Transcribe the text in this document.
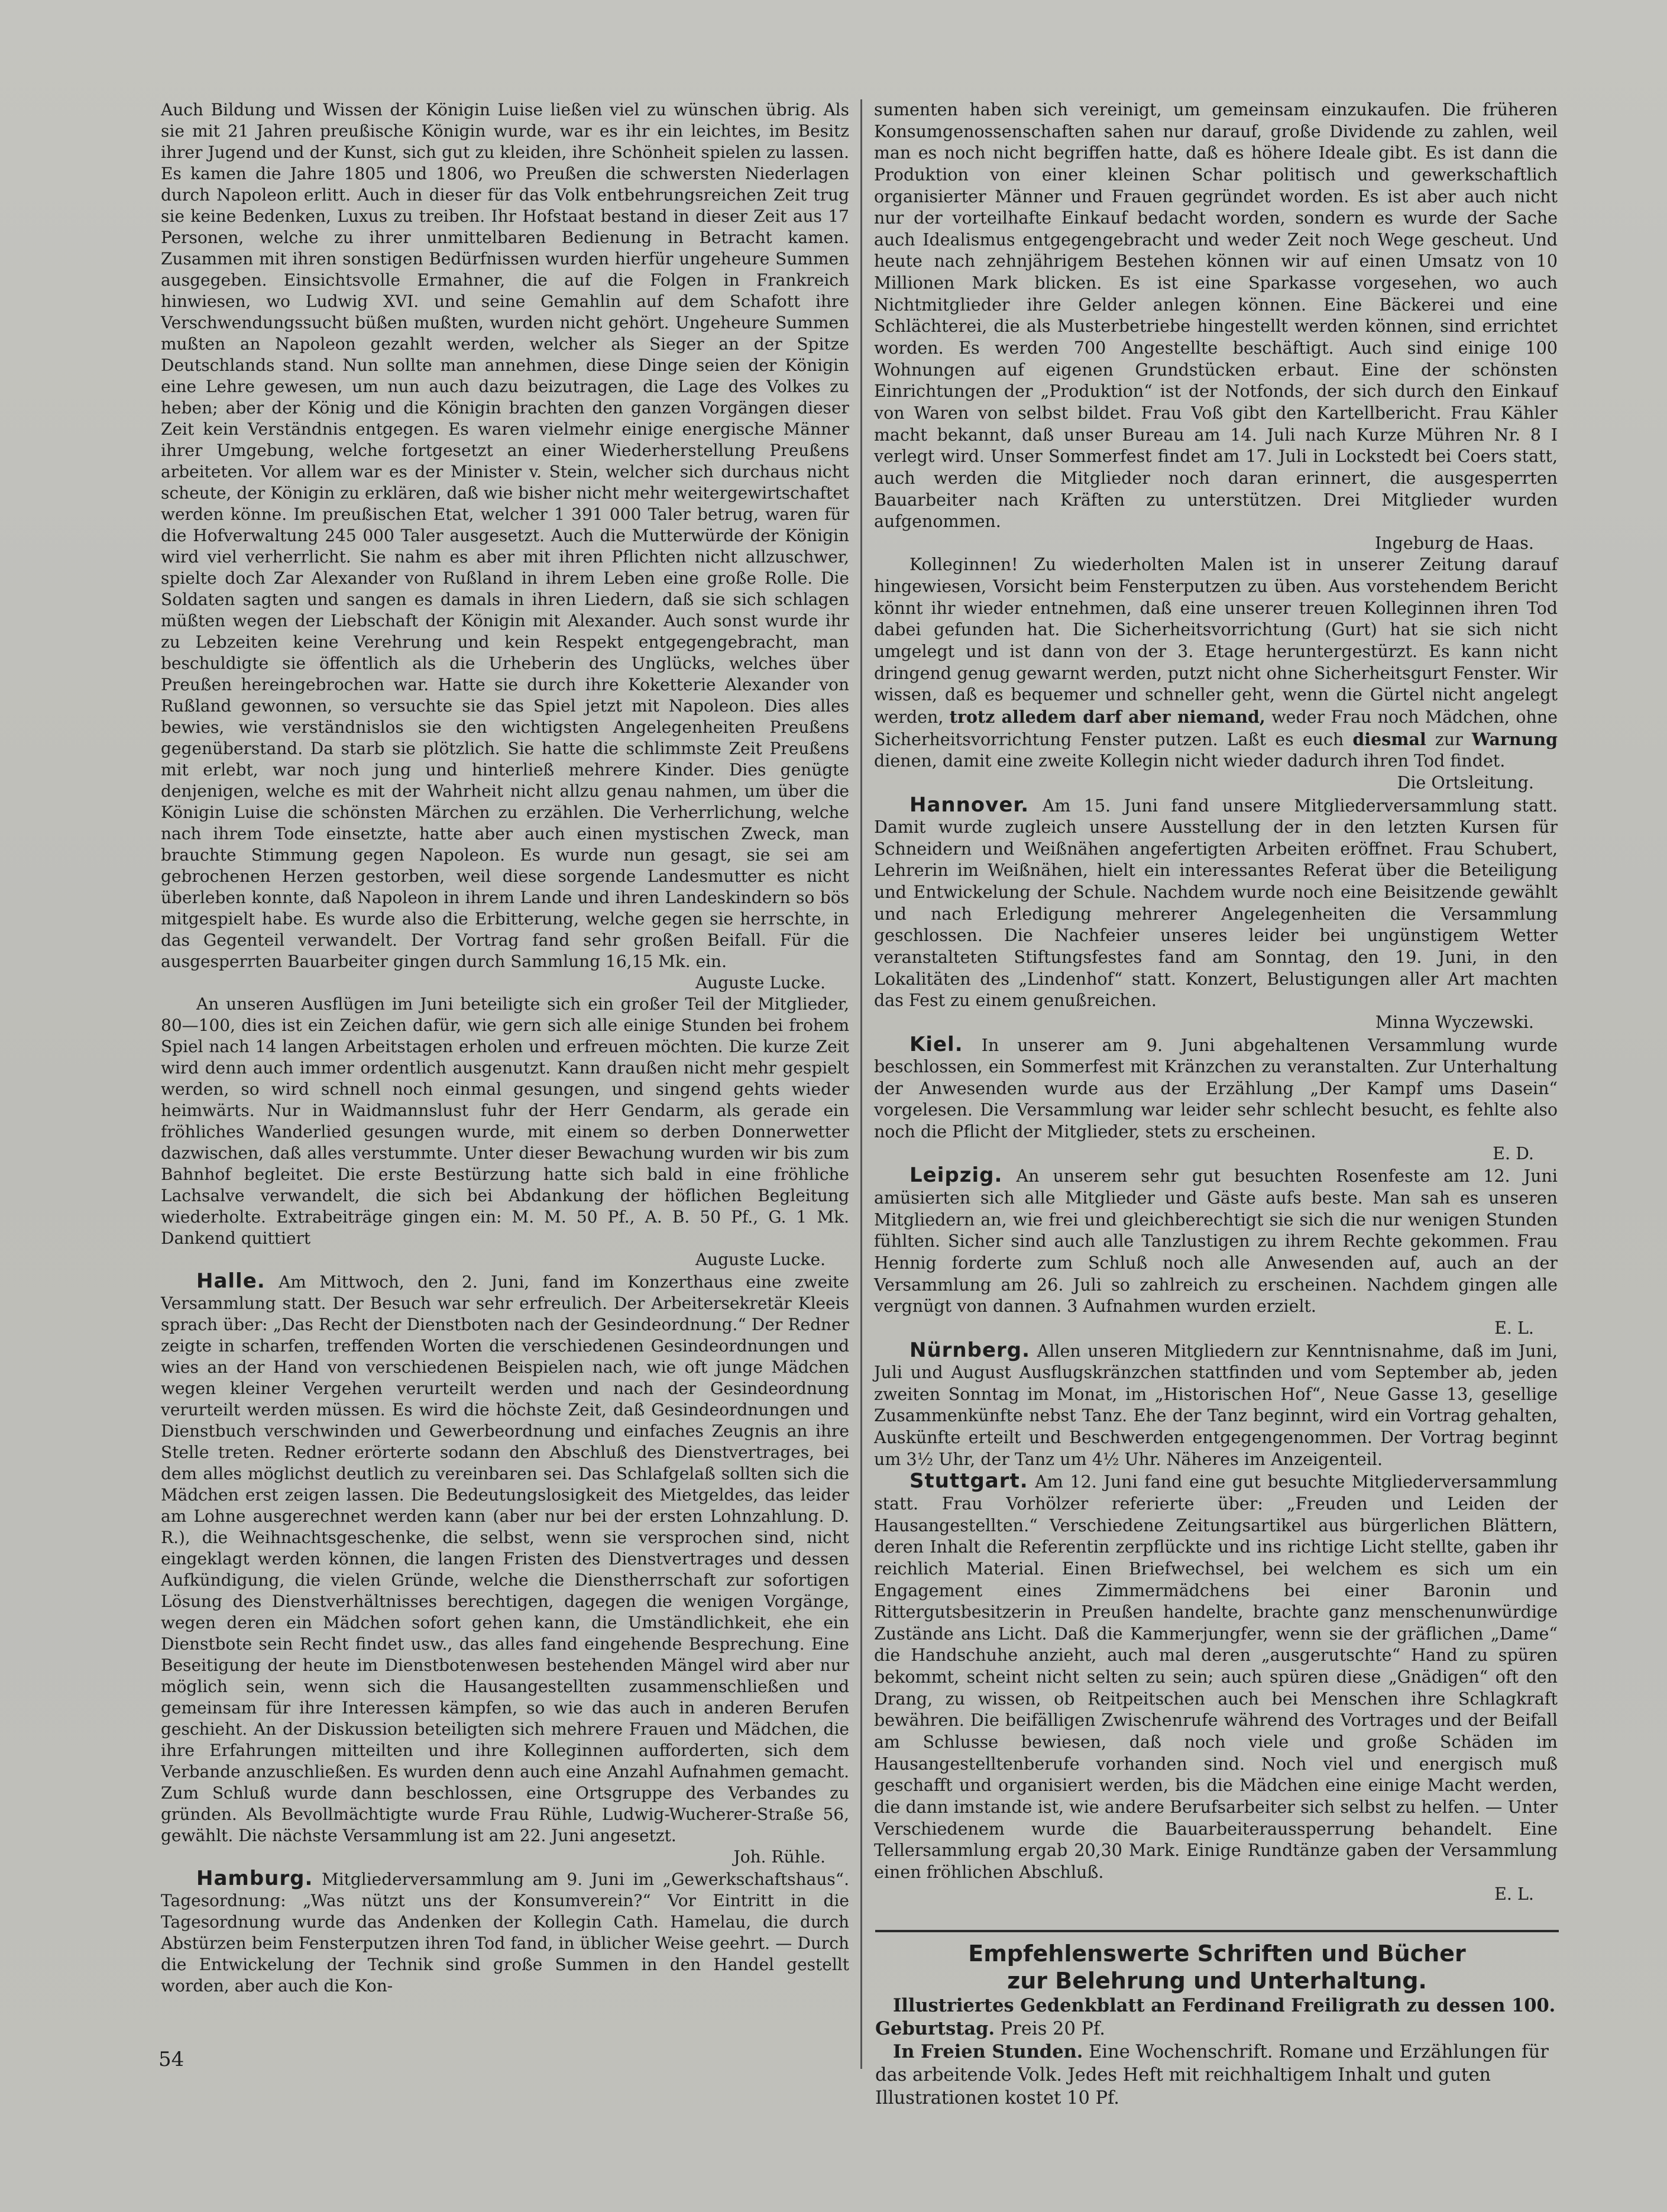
Auch Bildung und Wissen der Königin Luise ließen viel zu wünschen übrig. Als sie mit 21 Jahren preußische Königin wurde, war es ihr ein leichtes, im Besitz ihrer Jugend und der Kunst, sich gut zu kleiden, ihre Schönheit spielen zu lassen. Es kamen die Jahre 1805 und 1806, wo Preußen die schwersten Niederlagen durch Napoleon erlitt. Auch in dieser für das Volk entbehrungsreichen Zeit trug sie keine Bedenken, Luxus zu treiben. Ihr Hofstaat bestand in dieser Zeit aus 17 Personen, welche zu ihrer unmittelbaren Bedienung in Betracht kamen. Zusammen mit ihren sonstigen Bedürfnissen wurden hierfür ungeheure Summen ausgegeben. Einsichtsvolle Ermahner, die auf die Folgen in Frankreich hinwiesen, wo Ludwig XVI. und seine Gemahlin auf dem Schafott ihre Verschwendungssucht büßen mußten, wurden nicht gehört. Ungeheure Summen mußten an Napoleon gezahlt werden, welcher als Sieger an der Spitze Deutschlands stand. Nun sollte man annehmen, diese Dinge seien der Königin eine Lehre gewesen, um nun auch dazu beizutragen, die Lage des Volkes zu heben; aber der König und die Königin brachten den ganzen Vorgängen dieser Zeit kein Verständnis entgegen. Es waren vielmehr einige energische Männer ihrer Umgebung, welche fortgesetzt an einer Wiederherstellung Preußens arbeiteten. Vor allem war es der Minister v. Stein, welcher sich durchaus nicht scheute, der Königin zu erklären, daß wie bisher nicht mehr weitergewirtschaftet werden könne. Im preußischen Etat, welcher 1 391 000 Taler betrug, waren für die Hofverwaltung 245 000 Taler ausgesetzt. Auch die Mutterwürde der Königin wird viel verherrlicht. Sie nahm es aber mit ihren Pflichten nicht allzuschwer, spielte doch Zar Alexander von Rußland in ihrem Leben eine große Rolle. Die Soldaten sagten und sangen es damals in ihren Liedern, daß sie sich schlagen müßten wegen der Liebschaft der Königin mit Alexander. Auch sonst wurde ihr zu Lebzeiten keine Verehrung und kein Respekt entgegengebracht, man beschuldigte sie öffentlich als die Urheberin des Unglücks, welches über Preußen hereingebrochen war. Hatte sie durch ihre Koketterie Alexander von Rußland gewonnen, so versuchte sie das Spiel jetzt mit Napoleon. Dies alles bewies, wie verständnislos sie den wichtigsten Angelegenheiten Preußens gegenüberstand. Da starb sie plötzlich. Sie hatte die schlimmste Zeit Preußens mit erlebt, war noch jung und hinterließ mehrere Kinder. Dies genügte denjenigen, welche es mit der Wahrheit nicht allzu genau nahmen, um über die Königin Luise die schönsten Märchen zu erzählen. Die Verherrlichung, welche nach ihrem Tode einsetzte, hatte aber auch einen mystischen Zweck, man brauchte Stimmung gegen Napoleon. Es wurde nun gesagt, sie sei am gebrochenen Herzen gestorben, weil diese sorgende Landesmutter es nicht überleben konnte, daß Napoleon in ihrem Lande und ihren Landeskindern so bös mitgespielt habe. Es wurde also die Erbitterung, welche gegen sie herrschte, in das Gegenteil verwandelt. Der Vortrag fand sehr großen Beifall. Für die ausgesperrten Bauarbeiter gingen durch Sammlung 16,15 Mk. ein.

Auguste Lucke.

An unseren Ausflügen im Juni beteiligte sich ein großer Teil der Mitglieder, 80—100, dies ist ein Zeichen dafür, wie gern sich alle einige Stunden bei frohem Spiel nach 14 langen Arbeitstagen erholen und erfreuen möchten. Die kurze Zeit wird denn auch immer ordentlich ausgenutzt. Kann draußen nicht mehr gespielt werden, so wird schnell noch einmal gesungen, und singend gehts wieder heimwärts. Nur in Waidmannslust fuhr der Herr Gendarm, als gerade ein fröhliches Wanderlied gesungen wurde, mit einem so derben Donnerwetter dazwischen, daß alles verstummte. Unter dieser Bewachung wurden wir bis zum Bahnhof begleitet. Die erste Bestürzung hatte sich bald in eine fröhliche Lachsalve verwandelt, die sich bei Abdankung der höflichen Begleitung wiederholte. Extrabeiträge gingen ein: M. M. 50 Pf., A. B. 50 Pf., G. 1 Mk. Dankend quittiert

Auguste Lucke.

Halle. Am Mittwoch, den 2. Juni, fand im Konzerthaus eine zweite Versammlung statt. Der Besuch war sehr erfreulich. Der Arbeitersekretär Kleeis sprach über: „Das Recht der Dienstboten nach der Gesindeordnung.“ Der Redner zeigte in scharfen, treffenden Worten die verschiedenen Gesindeordnungen und wies an der Hand von verschiedenen Beispielen nach, wie oft junge Mädchen wegen kleiner Vergehen verurteilt werden und nach der Gesindeordnung verurteilt werden müssen. Es wird die höchste Zeit, daß Gesindeordnungen und Dienstbuch verschwinden und Gewerbeordnung und einfaches Zeugnis an ihre Stelle treten. Redner erörterte sodann den Abschluß des Dienstvertrages, bei dem alles möglichst deutlich zu vereinbaren sei. Das Schlafgelaß sollten sich die Mädchen erst zeigen lassen. Die Bedeutungslosigkeit des Mietgeldes, das leider am Lohne ausgerechnet werden kann (aber nur bei der ersten Lohnzahlung. D. R.), die Weihnachtsgeschenke, die selbst, wenn sie versprochen sind, nicht eingeklagt werden können, die langen Fristen des Dienstvertrages und dessen Aufkündigung, die vielen Gründe, welche die Dienstherrschaft zur sofortigen Lösung des Dienstverhältnisses berechtigen, dagegen die wenigen Vorgänge, wegen deren ein Mädchen sofort gehen kann, die Umständlichkeit, ehe ein Dienstbote sein Recht findet usw., das alles fand eingehende Besprechung. Eine Beseitigung der heute im Dienstbotenwesen bestehenden Mängel wird aber nur möglich sein, wenn sich die Hausangestellten zusammenschließen und gemeinsam für ihre Interessen kämpfen, so wie das auch in anderen Berufen geschieht. An der Diskussion beteiligten sich mehrere Frauen und Mädchen, die ihre Erfahrungen mitteilten und ihre Kolleginnen aufforderten, sich dem Verbande anzuschließen. Es wurden denn auch eine Anzahl Aufnahmen gemacht. Zum Schluß wurde dann beschlossen, eine Ortsgruppe des Verbandes zu gründen. Als Bevollmächtigte wurde Frau Rühle, Ludwig-Wucherer-Straße 56, gewählt. Die nächste Versammlung ist am 22. Juni angesetzt.

Joh. Rühle.

Hamburg. Mitgliederversammlung am 9. Juni im „Gewerkschaftshaus“. Tagesordnung: „Was nützt uns der Konsumverein?“ Vor Eintritt in die Tagesordnung wurde das Andenken der Kollegin Cath. Hamelau, die durch Abstürzen beim Fensterputzen ihren Tod fand, in üblicher Weise geehrt. — Durch die Entwickelung der Technik sind große Summen in den Handel gestellt worden, aber auch die Kon-

sumenten haben sich vereinigt, um gemeinsam einzukaufen. Die früheren Konsumgenossenschaften sahen nur darauf, große Dividende zu zahlen, weil man es noch nicht begriffen hatte, daß es höhere Ideale gibt. Es ist dann die Produktion von einer kleinen Schar politisch und gewerkschaftlich organisierter Männer und Frauen gegründet worden. Es ist aber auch nicht nur der vorteilhafte Einkauf bedacht worden, sondern es wurde der Sache auch Idealismus entgegengebracht und weder Zeit noch Wege gescheut. Und heute nach zehnjährigem Bestehen können wir auf einen Umsatz von 10 Millionen Mark blicken. Es ist eine Sparkasse vorgesehen, wo auch Nichtmitglieder ihre Gelder anlegen können. Eine Bäckerei und eine Schlächterei, die als Musterbetriebe hingestellt werden können, sind errichtet worden. Es werden 700 Angestellte beschäftigt. Auch sind einige 100 Wohnungen auf eigenen Grundstücken erbaut. Eine der schönsten Einrichtungen der „Produktion“ ist der Notfonds, der sich durch den Einkauf von Waren von selbst bildet. Frau Voß gibt den Kartellbericht. Frau Kähler macht bekannt, daß unser Bureau am 14. Juli nach Kurze Mühren Nr. 8 I verlegt wird. Unser Sommerfest findet am 17. Juli in Lockstedt bei Coers statt, auch werden die Mitglieder noch daran erinnert, die ausgesperrten Bauarbeiter nach Kräften zu unterstützen. Drei Mitglieder wurden aufgenommen.

Ingeburg de Haas.

Kolleginnen! Zu wiederholten Malen ist in unserer Zeitung darauf hingewiesen, Vorsicht beim Fensterputzen zu üben. Aus vorstehendem Bericht könnt ihr wieder entnehmen, daß eine unserer treuen Kolleginnen ihren Tod dabei gefunden hat. Die Sicherheitsvorrichtung (Gurt) hat sie sich nicht umgelegt und ist dann von der 3. Etage heruntergestürzt. Es kann nicht dringend genug gewarnt werden, putzt nicht ohne Sicherheitsgurt Fenster. Wir wissen, daß es bequemer und schneller geht, wenn die Gürtel nicht angelegt werden, trotz alledem darf aber niemand, weder Frau noch Mädchen, ohne Sicherheitsvorrichtung Fenster putzen. Laßt es euch diesmal zur Warnung dienen, damit eine zweite Kollegin nicht wieder dadurch ihren Tod findet.

Die Ortsleitung.

Hannover. Am 15. Juni fand unsere Mitgliederversammlung statt. Damit wurde zugleich unsere Ausstellung der in den letzten Kursen für Schneidern und Weißnähen angefertigten Arbeiten eröffnet. Frau Schubert, Lehrerin im Weißnähen, hielt ein interessantes Referat über die Beteiligung und Entwickelung der Schule. Nachdem wurde noch eine Beisitzende gewählt und nach Erledigung mehrerer Angelegenheiten die Versammlung geschlossen. Die Nachfeier unseres leider bei ungünstigem Wetter veranstalteten Stiftungsfestes fand am Sonntag, den 19. Juni, in den Lokalitäten des „Lindenhof“ statt. Konzert, Belustigungen aller Art machten das Fest zu einem genußreichen.

Minna Wyczewski.

Kiel. In unserer am 9. Juni abgehaltenen Versammlung wurde beschlossen, ein Sommerfest mit Kränzchen zu veranstalten. Zur Unterhaltung der Anwesenden wurde aus der Erzählung „Der Kampf ums Dasein“ vorgelesen. Die Versammlung war leider sehr schlecht besucht, es fehlte also noch die Pflicht der Mitglieder, stets zu erscheinen.

E. D.

Leipzig. An unserem sehr gut besuchten Rosenfeste am 12. Juni amüsierten sich alle Mitglieder und Gäste aufs beste. Man sah es unseren Mitgliedern an, wie frei und gleichberechtigt sie sich die nur wenigen Stunden fühlten. Sicher sind auch alle Tanzlustigen zu ihrem Rechte gekommen. Frau Hennig forderte zum Schluß noch alle Anwesenden auf, auch an der Versammlung am 26. Juli so zahlreich zu erscheinen. Nachdem gingen alle vergnügt von dannen. 3 Aufnahmen wurden erzielt.

E. L.

Nürnberg. Allen unseren Mitgliedern zur Kenntnisnahme, daß im Juni, Juli und August Ausflugskränzchen stattfinden und vom September ab, jeden zweiten Sonntag im Monat, im „Historischen Hof“, Neue Gasse 13, gesellige Zusammenkünfte nebst Tanz. Ehe der Tanz beginnt, wird ein Vortrag gehalten, Auskünfte erteilt und Beschwerden entgegengenommen. Der Vortrag beginnt um 3½ Uhr, der Tanz um 4½ Uhr. Näheres im Anzeigenteil.

Stuttgart. Am 12. Juni fand eine gut besuchte Mitgliederversammlung statt. Frau Vorhölzer referierte über: „Freuden und Leiden der Hausangestellten.“ Verschiedene Zeitungsartikel aus bürgerlichen Blättern, deren Inhalt die Referentin zerpflückte und ins richtige Licht stellte, gaben ihr reichlich Material. Einen Briefwechsel, bei welchem es sich um ein Engagement eines Zimmermädchens bei einer Baronin und Rittergutsbesitzerin in Preußen handelte, brachte ganz menschenunwürdige Zustände ans Licht. Daß die Kammerjungfer, wenn sie der gräflichen „Dame“ die Handschuhe anzieht, auch mal deren „ausgerutschte“ Hand zu spüren bekommt, scheint nicht selten zu sein; auch spüren diese „Gnädigen“ oft den Drang, zu wissen, ob Reitpeitschen auch bei Menschen ihre Schlagkraft bewähren. Die beifälligen Zwischenrufe während des Vortrages und der Beifall am Schlusse bewiesen, daß noch viele und große Schäden im Hausangestelltenberufe vorhanden sind. Noch viel und energisch muß geschafft und organisiert werden, bis die Mädchen eine einige Macht werden, die dann imstande ist, wie andere Berufsarbeiter sich selbst zu helfen. — Unter Verschiedenem wurde die Bauarbeiteraussperrung behandelt. Eine Tellersammlung ergab 20,30 Mark. Einige Rundtänze gaben der Versammlung einen fröhlichen Abschluß.

E. L.
Empfehlenswerte Schriften und Bücher
zur Belehrung und Unterhaltung.

Illustriertes Gedenkblatt an Ferdinand Freiligrath zu dessen 100. Geburtstag. Preis 20 Pf.

In Freien Stunden. Eine Wochenschrift. Romane und Erzählungen für das arbeitende Volk. Jedes Heft mit reichhaltigem Inhalt und guten Illustrationen kostet 10 Pf.

54
